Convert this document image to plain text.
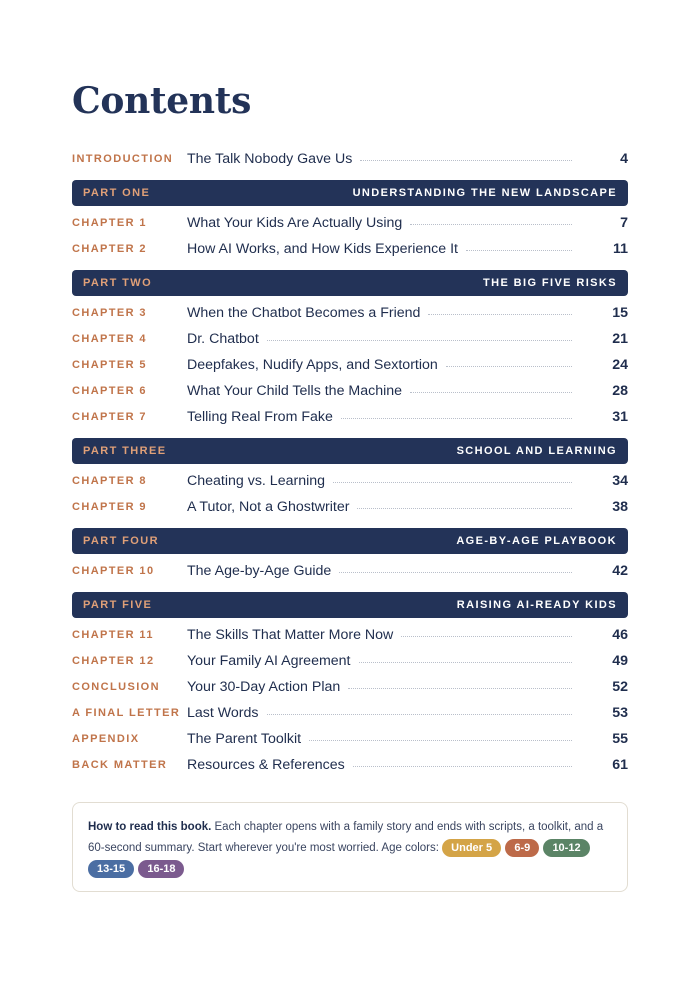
Contents
INTRODUCTION The Talk Nobody Gave Us	4
PART ONE	UNDERSTANDING THE NEW LANDSCAPE
CHAPTER 1	What Your Kids Are Actually Using	7
CHAPTER 2	How AI Works, and How Kids Experience It	11
PART TWO	THE BIG FIVE RISKS
CHAPTER 3	When the Chatbot Becomes a Friend	15
CHAPTER 4	Dr. Chatbot	21
CHAPTER 5	Deepfakes, Nudify Apps, and Sextortion	24
CHAPTER 6	What Your Child Tells the Machine	28
CHAPTER 7	Telling Real From Fake	31
PART THREE	SCHOOL AND LEARNING
CHAPTER 8	Cheating vs. Learning	34
CHAPTER 9	A Tutor, Not a Ghostwriter	38
PART FOUR	AGE-BY-AGE PLAYBOOK
CHAPTER 10	The Age-by-Age Guide	42
PART FIVE	RAISING AI-READY KIDS
CHAPTER 11	The Skills That Matter More Now	46
CHAPTER 12	Your Family AI Agreement	49
CONCLUSION	Your 30-Day Action Plan	52
A FINAL LETTER Last Words	53
APPENDIX	The Parent Toolkit	55
BACK MATTER	Resources & References	61
How to read this book. Each chapter opens with a family story and ends with scripts, a toolkit, and a 60-second summary. Start wherever you're most worried. Age colors: Under 5 6-9 10-12 13-15 16-18
